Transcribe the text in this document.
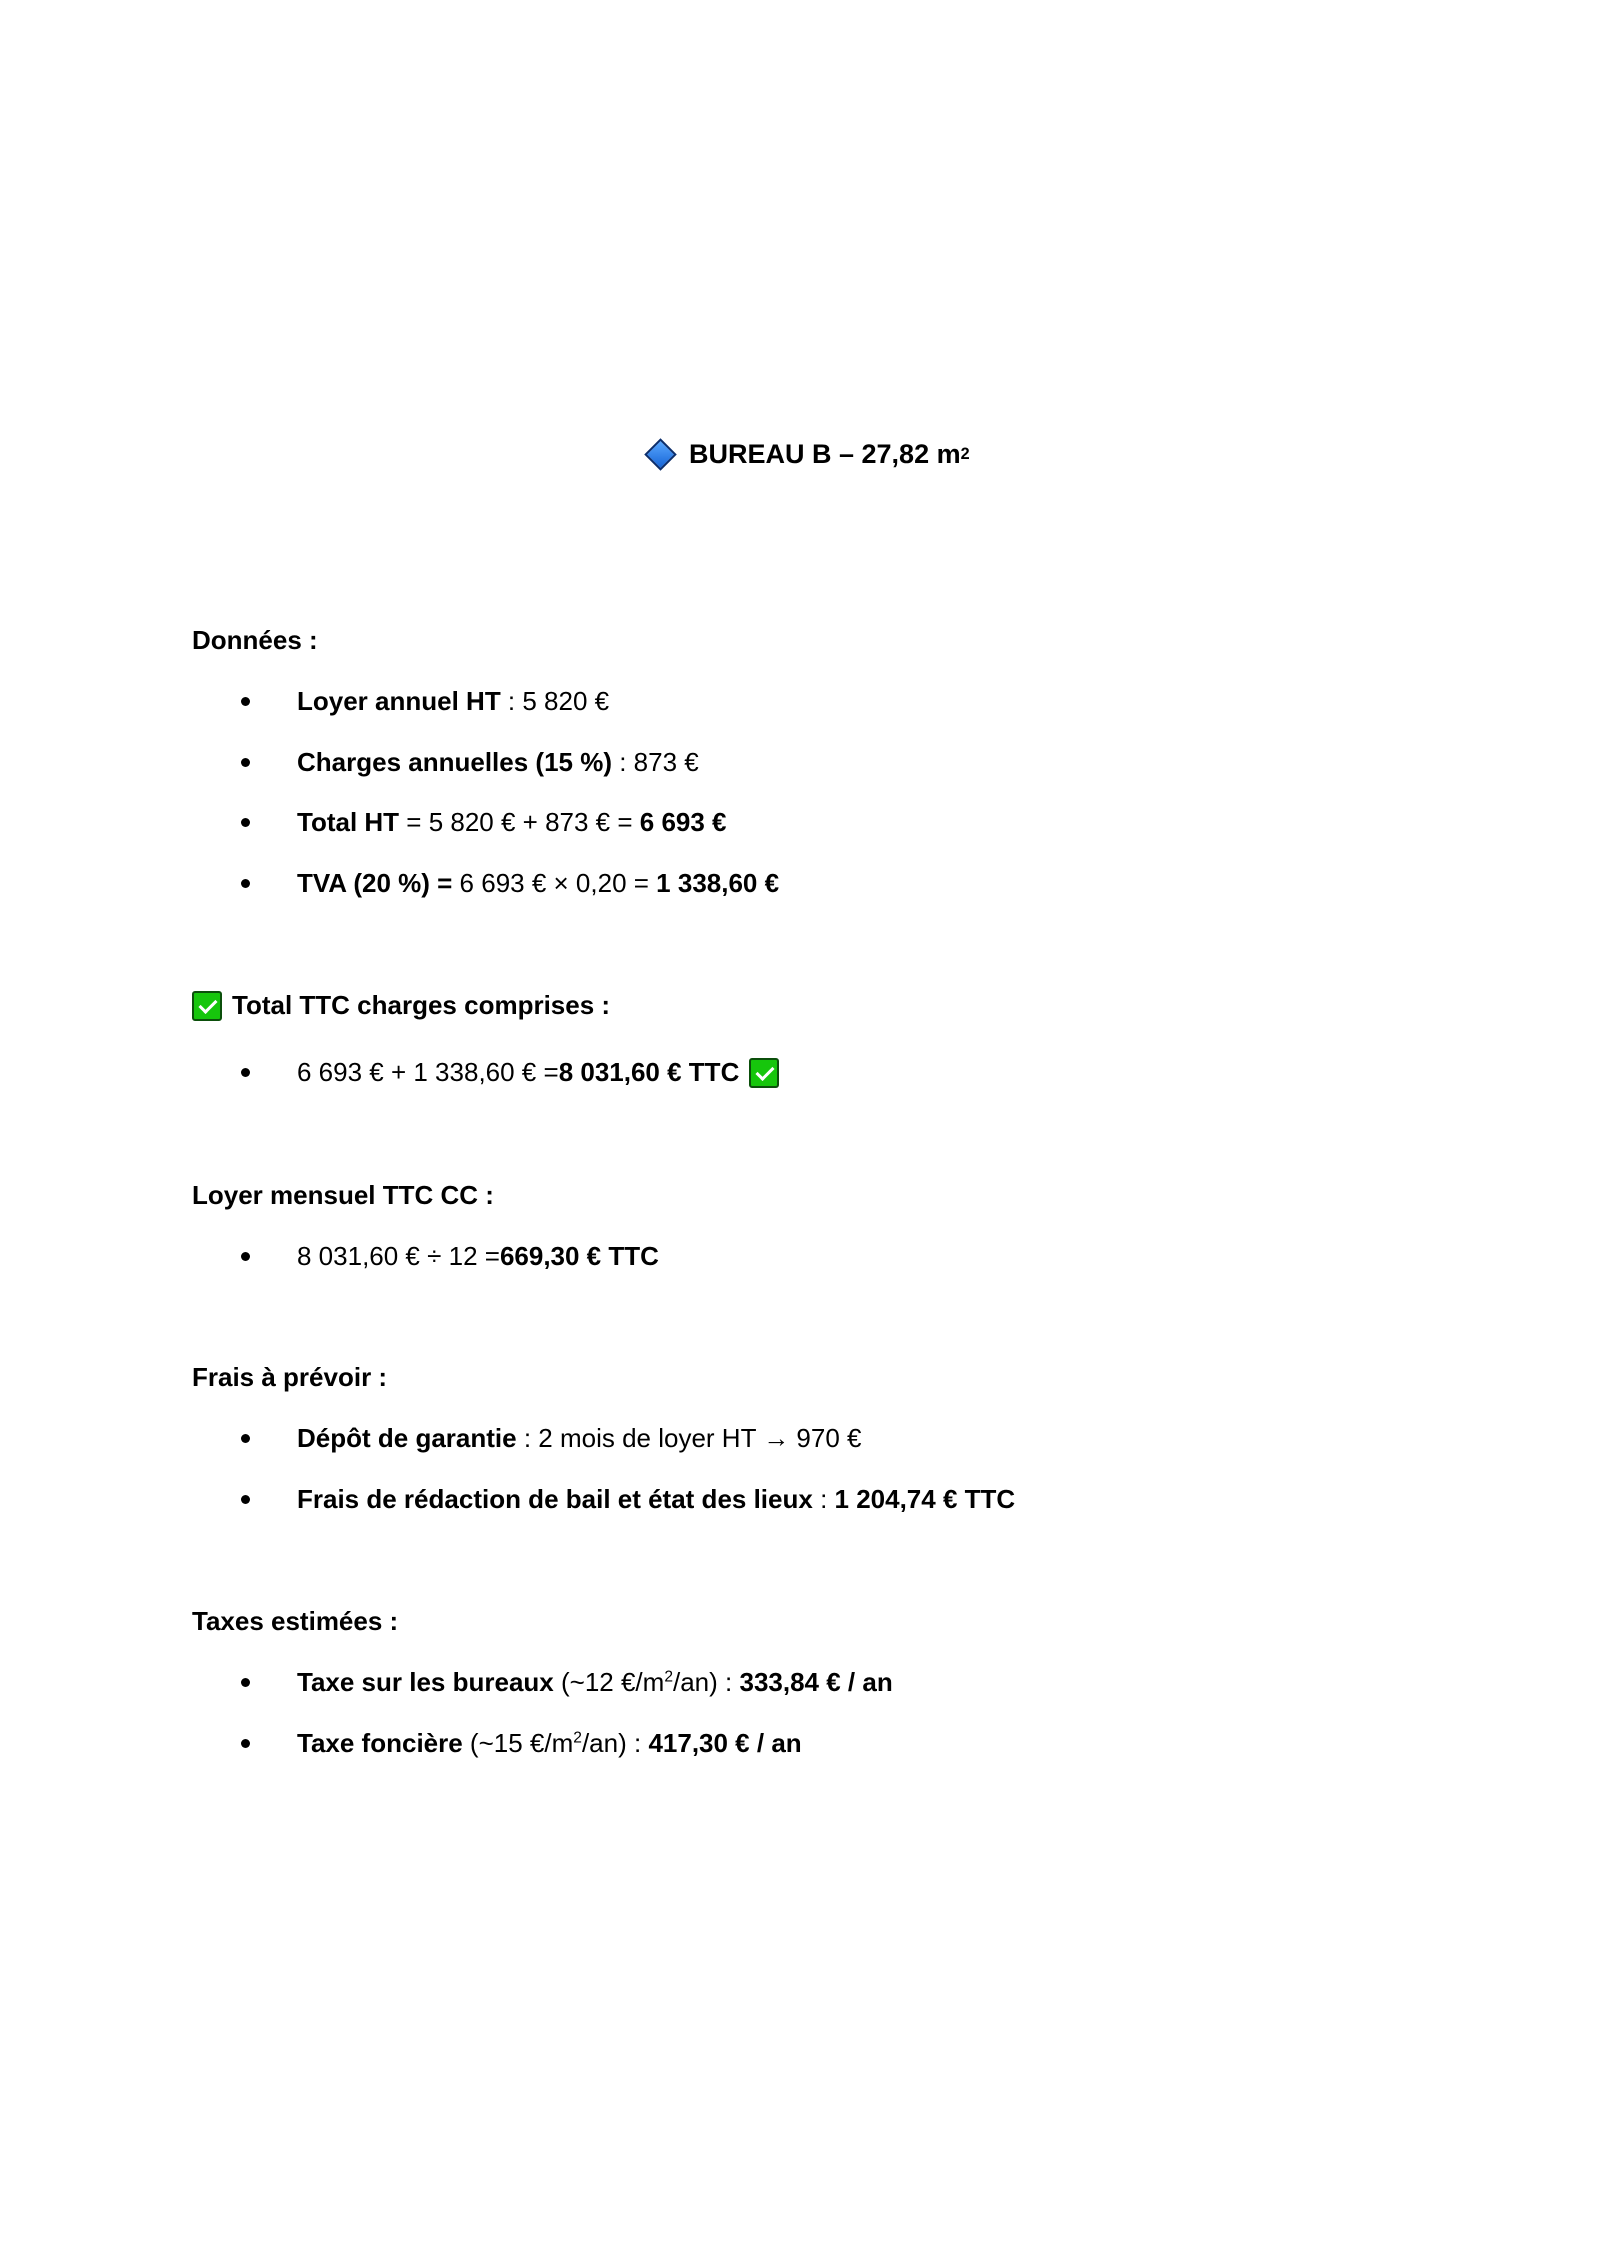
BUREAU B – 27,82 m 2
Données :
Loyer annuel HT : 5 820 €
Charges annuelles (15 %) : 873 €
Total HT = 5 820 € + 873 € = 6 693 €
TVA (20 %) = 6 693 € × 0,20 = 1 338,60 €
Total TTC charges comprises :
6 693 € + 1 338,60 € = 8 031,60 € TTC
Loyer mensuel TTC CC :
8 031,60 € ÷ 12 = 669,30 € TTC
Frais à prévoir :
Dépôt de garantie : 2 mois de loyer HT → 970 €
Frais de rédaction de bail et état des lieux : 1 204,74 € TTC
Taxes estimées :
Taxe sur les bureaux (~12 $€/m^2/an$) : 333,84 € / an
Taxe foncière (~15 $€/m^2/an$) : 417,30 € / an
